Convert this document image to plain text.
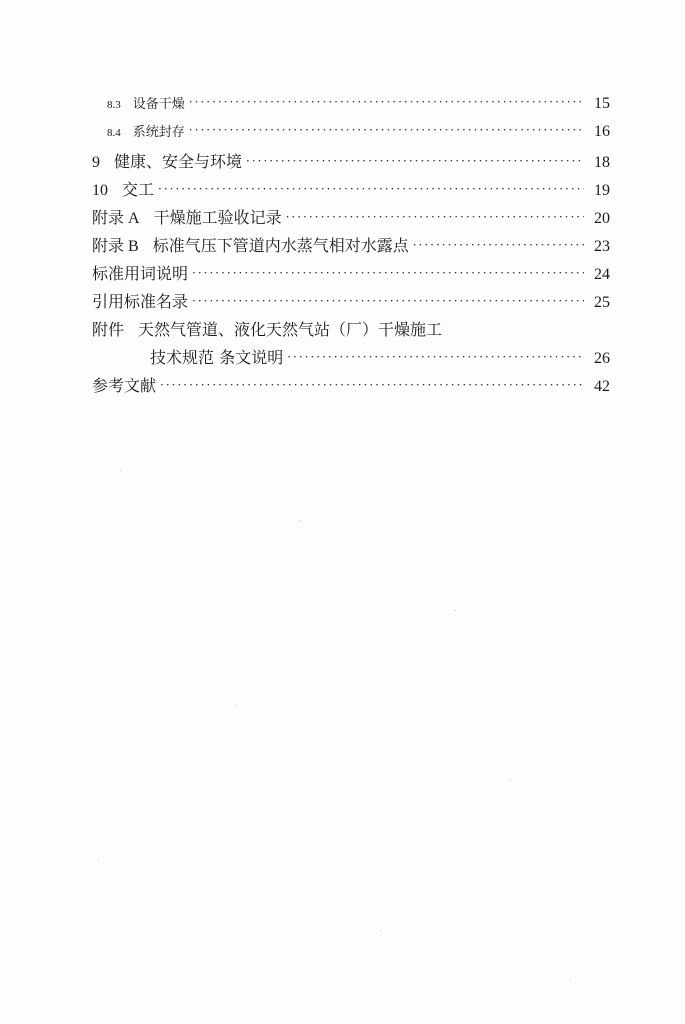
8.3 设备干燥 ·····	15
8.4 系统封存 ·····	16
9 健康、安全与环境 ·····	18
10 交工 ·····	19
附录 A 干燥施工验收记录 ·····	20
附录 B 标准气压下管道内水蒸气相对水露点 ·····	23
标准用词说明 ·····	24
引用标准名录 ·····	25
附件 天然气管道、液化天然气站（厂）干燥施工
技术规范 条文说明 ·····	26
参考文献 ·····	42
